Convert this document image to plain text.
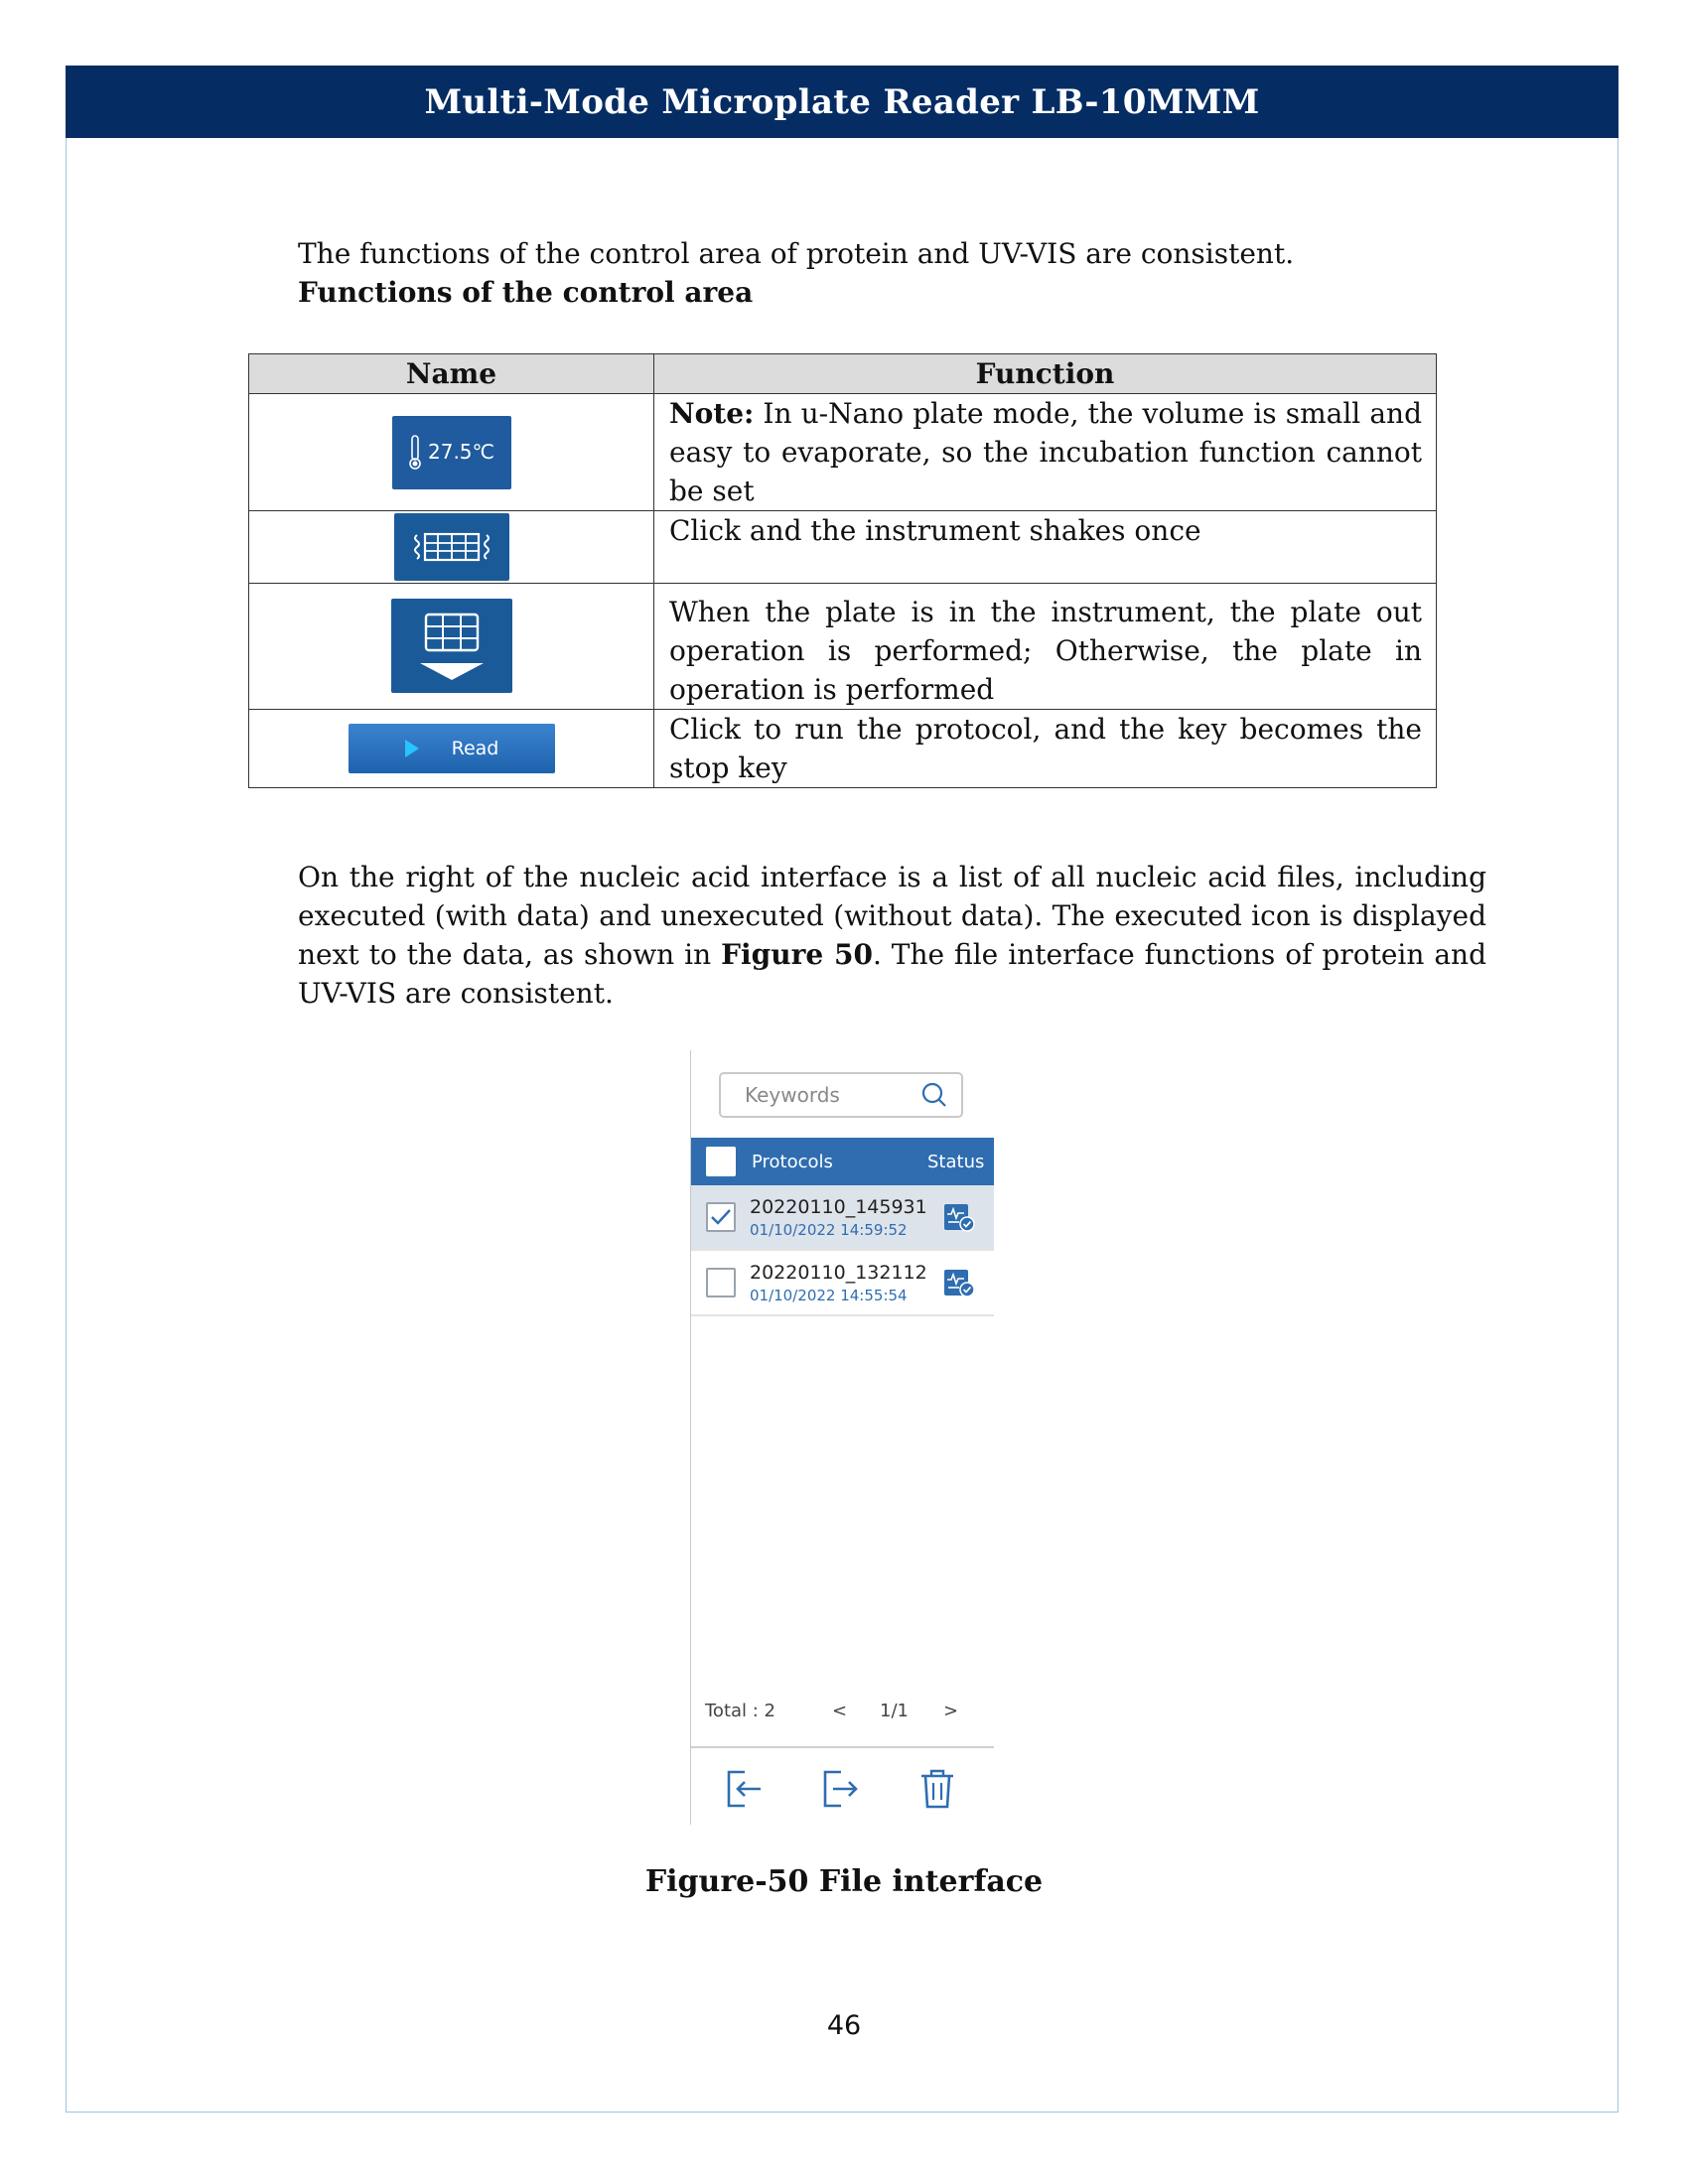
Multi-Mode Microplate Reader LB-10MMM
The functions of the control area of protein and UV-VIS are consistent.
Functions of the control area
Name	Function

27.5℃	Note: In u-Nano plate mode, the volume is small and easy to evaporate, so the incubation function cannot be set

	Click and the instrument shakes once

	When the plate is in the instrument, the plate out operation is performed; Otherwise, the plate in operation is performed

Read	Click to run the protocol, and the key becomes the stop key
On the right of the nucleic acid interface is a list of all nucleic acid files, including executed (with data) and unexecuted (without data). The executed icon is displayed next to the data, as shown in Figure 50. The file interface functions of protein and UV-VIS are consistent.
Keywords
Protocols	Status
20220110_145931
01/10/2022 14:59:52
20220110_132112
01/10/2022 14:55:54
Total : 2	<	1/1	>
Figure-50 File interface
46
